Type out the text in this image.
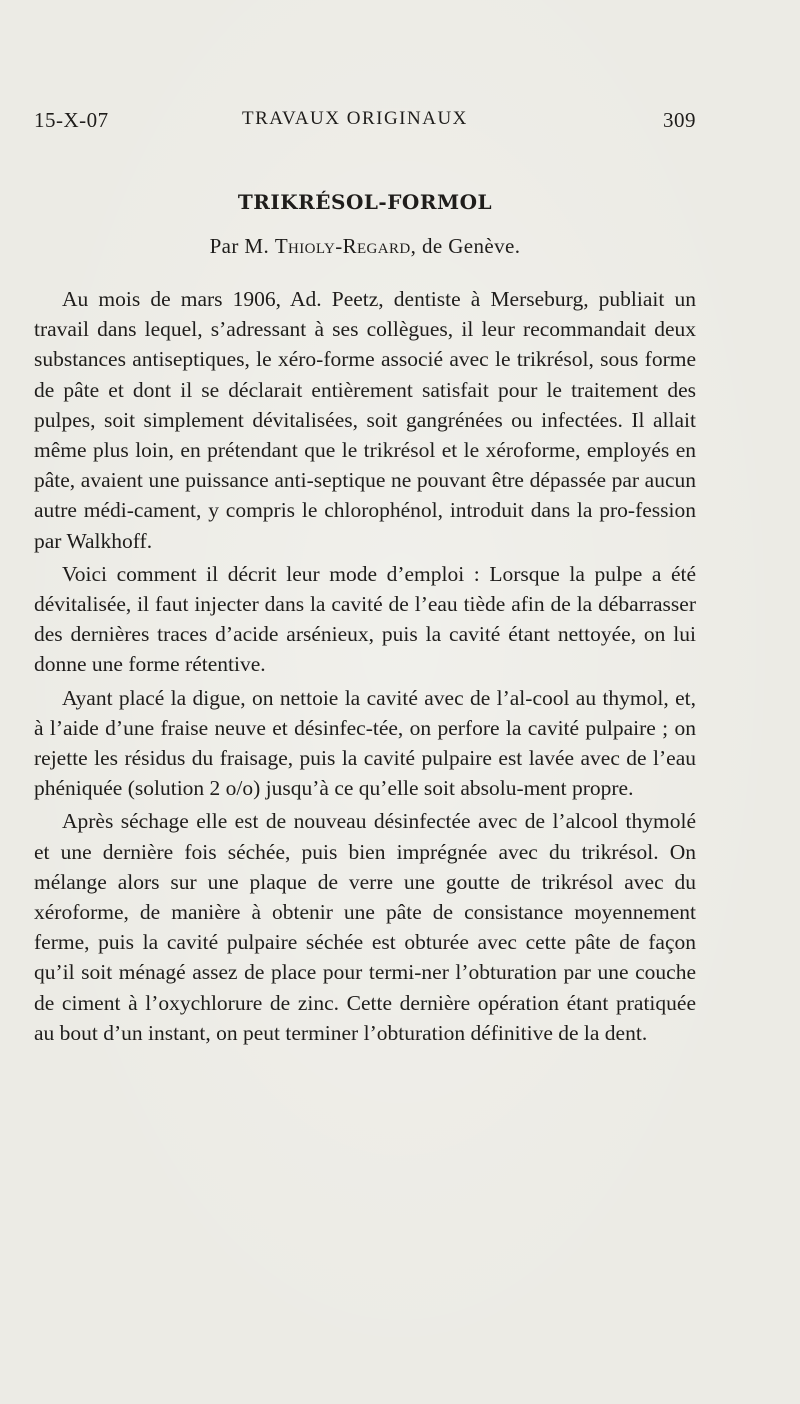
15-X-07	TRAVAUX ORIGINAUX	309
TRIKRÉSOL-FORMOL
Par M. Thioly-Regard, de Genève.

Au mois de mars 1906, Ad. Peetz, dentiste à Merseburg, publiait un travail dans lequel, s’adressant à ses collègues, il leur recommandait deux substances antiseptiques, le xéro-forme associé avec le trikrésol, sous forme de pâte et dont il se déclarait entièrement satisfait pour le traitement des pulpes, soit simplement dévitalisées, soit gangrénées ou infectées. Il allait même plus loin, en prétendant que le trikrésol et le xéroforme, employés en pâte, avaient une puissance anti-septique ne pouvant être dépassée par aucun autre médi-cament, y compris le chlorophénol, introduit dans la pro-fession par Walkhoff.

Voici comment il décrit leur mode d’emploi : Lorsque la pulpe a été dévitalisée, il faut injecter dans la cavité de l’eau tiède afin de la débarrasser des dernières traces d’acide arsénieux, puis la cavité étant nettoyée, on lui donne une forme rétentive.

Ayant placé la digue, on nettoie la cavité avec de l’al-cool au thymol, et, à l’aide d’une fraise neuve et désinfec-tée, on perfore la cavité pulpaire ; on rejette les résidus du fraisage, puis la cavité pulpaire est lavée avec de l’eau phéniquée (solution 2 o/o) jusqu’à ce qu’elle soit absolu-ment propre.

Après séchage elle est de nouveau désinfectée avec de l’alcool thymolé et une dernière fois séchée, puis bien imprégnée avec du trikrésol. On mélange alors sur une plaque de verre une goutte de trikrésol avec du xéroforme, de manière à obtenir une pâte de consistance moyennement ferme, puis la cavité pulpaire séchée est obturée avec cette pâte de façon qu’il soit ménagé assez de place pour termi-ner l’obturation par une couche de ciment à l’oxychlorure de zinc. Cette dernière opération étant pratiquée au bout d’un instant, on peut terminer l’obturation définitive de la dent.
